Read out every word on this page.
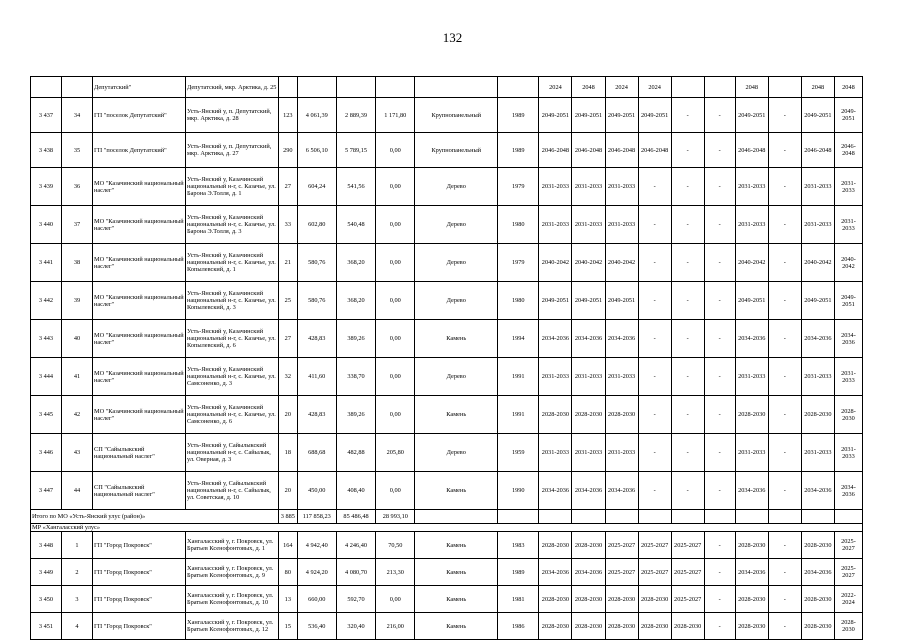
132
		Депутатский"	Депутатский, мкр. Арктика, д. 25							2024	2048	2024	2024			2048		2048	2048
3 437	34	ГП "поселок Депутатский"	Усть-Янский у, п. Депутатский, мкр. Арктика, д. 28	123	4 061,39	2 889,39	1 171,80	Крупнопанельный	1989	2049-2051	2049-2051	2049-2051	2049-2051	-	-	2049-2051	-	2049-2051	2049-2051
3 438	35	ГП "поселок Депутатский"	Усть-Янский у, п. Депутатский, мкр. Арктика, д. 27	290	6 506,10	5 789,15	0,00	Крупнопанельный	1989	2046-2048	2046-2048	2046-2048	2046-2048	-	-	2046-2048	-	2046-2048	2046-2048
3 439	36	МО "Казачинский национальный наслег"	Усть-Янский у, Казачинский национальный н-г, с. Казачье, ул. Барона Э.Толля, д. 1	27	604,24	541,56	0,00	Дерево	1979	2031-2033	2031-2033	2031-2033	-	-	-	2031-2033	-	2031-2033	2031-2033
3 440	37	МО "Казачинский национальный наслег"	Усть-Янский у, Казачинский национальный н-г, с. Казачье, ул. Барона Э.Толля, д. 3	33	602,80	540,48	0,00	Дерево	1980	2031-2033	2031-2033	2031-2033	-	-	-	2031-2033	-	2031-2033	2031-2033
3 441	38	МО "Казачинский национальный наслег"	Усть-Янский у, Казачинский национальный н-г, с. Казачье, ул. Копылевский, д. 1	21	580,76	368,20	0,00	Дерево	1979	2040-2042	2040-2042	2040-2042	-	-	-	2040-2042	-	2040-2042	2040-2042
3 442	39	МО "Казачинский национальный наслег"	Усть-Янский у, Казачинский национальный н-г, с. Казачье, ул. Копылевский, д. 3	25	580,76	368,20	0,00	Дерево	1980	2049-2051	2049-2051	2049-2051	-	-	-	2049-2051	-	2049-2051	2049-2051
3 443	40	МО "Казачинский национальный наслег"	Усть-Янский у, Казачинский национальный н-г, с. Казачье, ул. Копылевский, д. 6	27	428,83	389,26	0,00	Камень	1994	2034-2036	2034-2036	2034-2036	-	-	-	2034-2036	-	2034-2036	2034-2036
3 444	41	МО "Казачинский национальный наслег"	Усть-Янский у, Казачинский национальный н-г, с. Казачье, ул. Самсоненко, д. 3	32	411,60	338,70	0,00	Дерево	1991	2031-2033	2031-2033	2031-2033	-	-	-	2031-2033	-	2031-2033	2031-2033
3 445	42	МО "Казачинский национальный наслег"	Усть-Янский у, Казачинский национальный н-г, с. Казачье, ул. Самсоненко, д. 6	20	428,83	389,26	0,00	Камень	1991	2028-2030	2028-2030	2028-2030	-	-	-	2028-2030	-	2028-2030	2028-2030
3 446	43	СП "Сайылыкский национальный наслег"	Усть-Янский у, Сайылыкский национальный н-г, с. Сайылык, ул. Оверная, д. 3	18	688,68	482,88	205,80	Дерево	1959	2031-2033	2031-2033	2031-2033	-	-	-	2031-2033	-	2031-2033	2031-2033
3 447	44	СП "Сайылыкский национальный наслег"	Усть-Янский у, Сайылыкский национальный н-г, с. Сайылык, ул. Советская, д. 10	20	450,00	408,40	0,00	Камень	1990	2034-2036	2034-2036	2034-2036	-	-	-	2034-2036	-	2034-2036	2034-2036
Итого по МО «Усть-Янский улус (район)»				3 885	117 858,23	85 486,48	28 993,10												
МР «Хангаласский улус»																			
3 448	1	ГП "Город Покровск"	Хангаласский у, г. Покровск, ул. Братьев Ксенофонтовых, д. 1	164	4 942,40	4 246,40	70,50	Камень	1983	2028-2030	2028-2030	2025-2027	2025-2027	2025-2027	-	2028-2030	-	2028-2030	2025-2027
3 449	2	ГП "Город Покровск"	Хангаласский у, г. Покровск, ул. Братьев Ксенофонтовых, д. 9	80	4 924,20	4 080,70	213,30	Камень	1989	2034-2036	2034-2036	2025-2027	2025-2027	2025-2027	-	2034-2036	-	2034-2036	2025-2027
3 450	3	ГП "Город Покровск"	Хангаласский у, г. Покровск, ул. Братьев Ксенофонтовых, д. 10	13	660,00	592,70	0,00	Камень	1981	2028-2030	2028-2030	2028-2030	2028-2030	2025-2027	-	2028-2030	-	2028-2030	2022-2024
3 451	4	ГП "Город Покровск"	Хангаласский у, г. Покровск, ул. Братьев Ксенофонтовых, д. 12	15	536,40	320,40	216,00	Камень	1986	2028-2030	2028-2030	2028-2030	2028-2030	2028-2030	-	2028-2030	-	2028-2030	2028-2030
